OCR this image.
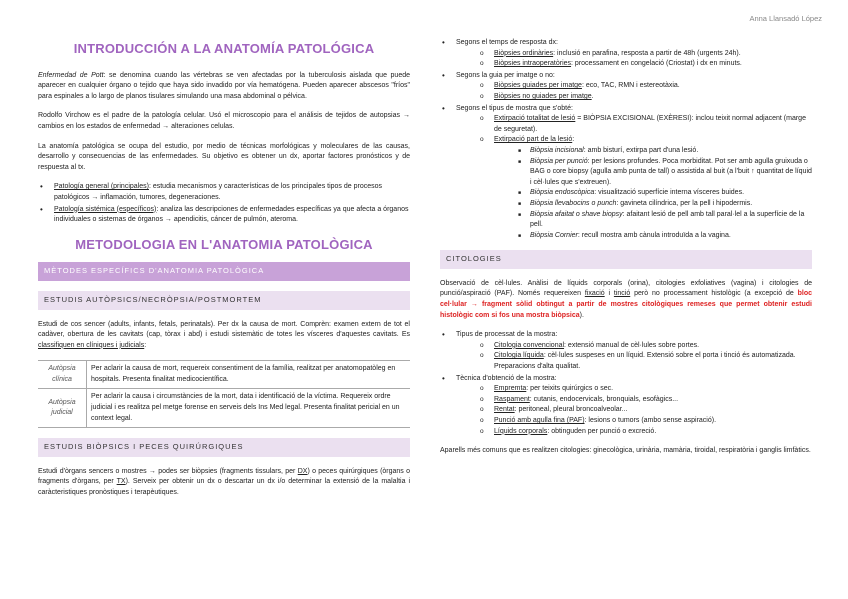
Anna Llansadó López
INTRODUCCIÓN A LA ANATOMÍA PATOLÓGICA

Enfermedad de Pott: se denomina cuando las vértebras se ven afectadas por la tuberculosis aislada que puede aparecer en cualquier órgano o tejido que haya sido invadido por vía hematógena. Pueden aparecer abscesos "fríos" para espinales a lo largo de planos tisulares simulando una masa abdominal o pélvica.

Rodolfo Virchow es el padre de la patología celular. Usó el microscopio para el análisis de tejidos de autopsias → cambios en los estados de enfermedad → alteraciones celulas.

La anatomía patológica se ocupa del estudio, por medio de técnicas morfológicas y moleculares de las causas, desarrollo y consecuencias de las enfermedades. Su objetivo es obtener un dx, aportar factores pronósticos y de respuesta al tx.

• Patología general (principales): estudia mecanismos y características de los principales tipos de procesos patológicos → inflamación, tumores, degeneraciones.
• Patología sistémica (específicos): analiza las descripciones de enfermedades específicas ya que afecta a órganos individuales o sistemas de órganos → apendicitis, cáncer de pulmón, ateroma.
METODOLOGIA EN L'ANATOMIA PATOLÒGICA
MÈTODES ESPECÍFICS D'ANATOMIA PATOLÒGICA
ESTUDIS AUTÒPSICS/NECRÒPSIA/POSTMORTEM

Estudi de cos sencer (adults, infants, fetals, perinatals). Per dx la causa de mort. Comprèn: examen extern de tot el cadàver, obertura de les cavitats (cap, tòrax i abd) i estudi sistemàtic de totes les vísceres d'aquestes cavitats. Es classifiquen en clíniques i judicials:

Autòpsia clínica	Per aclarir la causa de mort, requereix consentiment de la família, realitzat per anatomopatòleg en hospitals. Presenta finalitat medicocientífica.
Autòpsia judicial	Per aclarir la causa i circumstàncies de la mort, data i identificació de la víctima. Requereix ordre judicial i es realitza pel metge forense en serveis dels Ins Med legal. Presenta finalitat pericial en un context legal.
ESTUDIS BIÒPSICS I PECES QUIRÚRGIQUES

Estudi d'òrgans sencers o mostres → podes ser biòpsies (fragments tissulars, per DX) o peces quirúrgiques (òrgans o fragments d'òrgans, per TX). Serveix per obtenir un dx o descartar un dx i/o determinar la extensió de la malaltia i caràcteristiques pronòstiques i terapèutiques.

• Segons el temps de resposta dx:
o Biòpsies ordinàries: inclusió en parafina, resposta a partir de 48h (urgents 24h).
o Biòpsies intraoperatòries: processament en congelació (Criostat) i dx en minuts.
• Segons la guia per imatge o no:
o Biòpsies guiades per imatge: eco, TAC, RMN i estereotàxia.
o Biòpsies no guiades per imatge.
• Segons el tipus de mostra que s'obté:
o Extirpació totalitat de lesió = BIÒPSIA EXCISIONAL (EXÈRESI): inclou teixit normal adjacent (marge de seguretat).
o Extirpació part de la lesió:
■ Biòpsia incisional: amb bisturí, extirpa part d'una lesió.
■ Biòpsia per punció: per lesions profundes. Poca morbiditat. Pot ser amb agulla gruixuda o BAG o core biopsy (agulla amb punta de tall) o assistida al buit (a l'buit ↑ quantitat de líquid i cèl·lules que s'extreuen).
■ Biòpsia endoscòpica: visualització superfície interna vísceres buides.
■ Biòpsia llevabocins o punch: gavineta cilíndrica, per la pell i hipodermis.
■ Biòpsia afaitat o shave biopsy: afaitant lesió de pell amb tall paral·lel a la superfície de la pell.
■ Biòpsia Cornier: recull mostra amb cànula introduïda a la vagina.
CITOLOGIES

Observació de cèl·lules. Anàlisi de líquids corporals (orina), citologies exfoliatives (vagina) i citologies de punció/aspiració (PAF). Només requereixen fixació i tinció però no processament histològic (a excepció de bloc cel·lular → fragment sòlid obtingut a partir de mostres citològiques remeses que permet obtenir estudi histològic com si fos una mostra biòpsica).

• Tipus de processat de la mostra:
o Citologia convencional: extensió manual de cèl·lules sobre portes.
o Citologia líquida: cèl·lules suspeses en un líquid. Extensió sobre el porta i tinció és automatizada. Preparacions d'alta qualitat.
• Tècnica d'obtenció de la mostra:
o Empremta: per teixits quirúrgics o sec.
o Raspament: cutanis, endocervicals, bronquials, esofàgics...
o Rentat: peritoneal, pleural broncoalveolar...
o Punció amb agulla fina (PAF): lesions o tumors (ambo sense aspiració).
o Líquids corporals: obtinguden per punció o excreció.

Aparells més comuns que es realitzen citologies: ginecològica, urinària, mamària, tiroidal, respiratòria i ganglis limfàtics.
